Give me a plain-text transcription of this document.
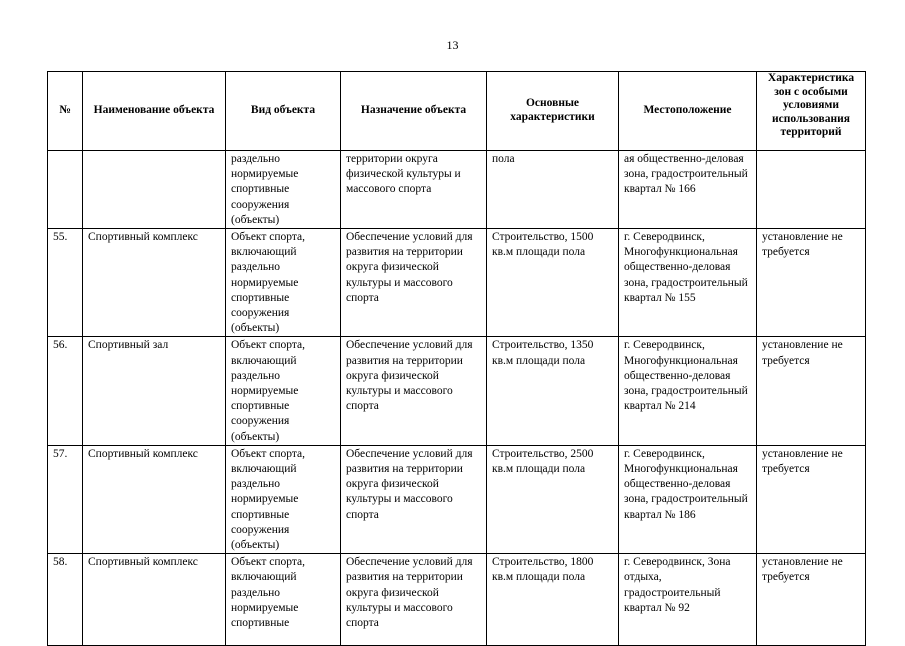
13
№	Наименование объекта	Вид объекта	Назначение объекта	Основные характеристики	Местоположение	Характеристика зон с особыми условиями использования территорий
		раздельно нормируемые спортивные сооружения (объекты)	территории округа физической культуры и массового спорта	пола	ая общественно-деловая зона, градостроительный квартал № 166	
55.	Спортивный комплекс	Объект спорта, включающий раздельно нормируемые спортивные сооружения (объекты)	Обеспечение условий для развития на территории округа физической культуры и массового спорта	Строительство, 1500 кв.м площади пола	г. Северодвинск, Многофункциональная общественно-деловая зона, градостроительный квартал № 155	установление не требуется
56.	Спортивный зал	Объект спорта, включающий раздельно нормируемые спортивные сооружения (объекты)	Обеспечение условий для развития на территории округа физической культуры и массового спорта	Строительство, 1350 кв.м площади пола	г. Северодвинск, Многофункциональная общественно-деловая зона, градостроительный квартал № 214	установление не требуется
57.	Спортивный комплекс	Объект спорта, включающий раздельно нормируемые спортивные сооружения (объекты)	Обеспечение условий для развития на территории округа физической культуры и массового спорта	Строительство, 2500 кв.м площади пола	г. Северодвинск, Многофункциональная общественно-деловая зона, градостроительный квартал № 186	установление не требуется
58.	Спортивный комплекс	Объект спорта, включающий раздельно нормируемые спортивные	Обеспечение условий для развития на территории округа физической культуры и массового спорта	Строительство, 1800 кв.м площади пола	г. Северодвинск, Зона отдыха, градостроительный квартал № 92	установление не требуется
